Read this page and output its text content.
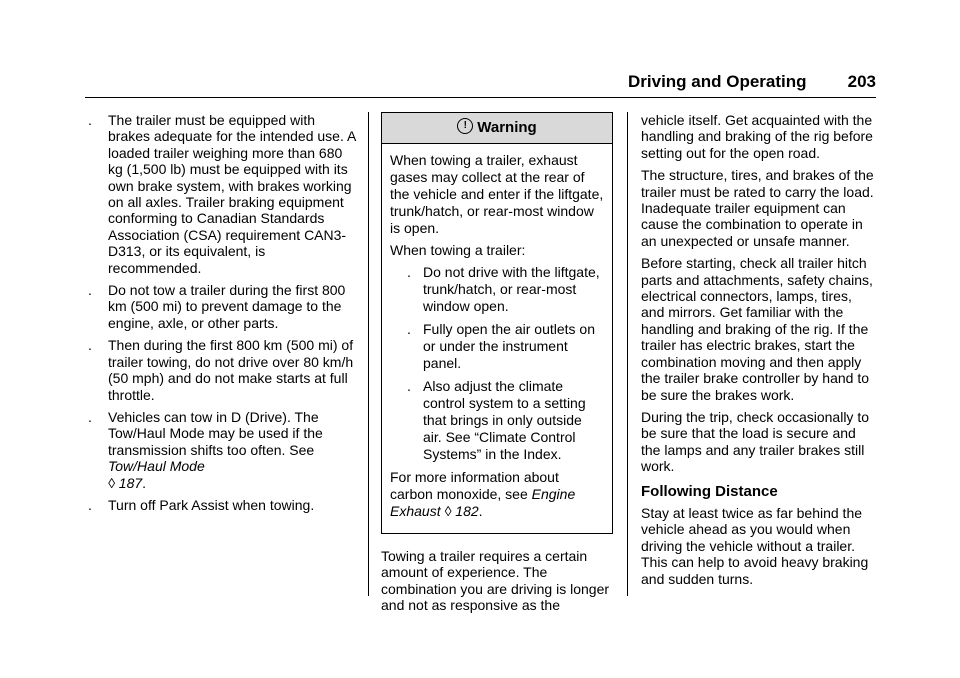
Driving and Operating 203
. The trailer must be equipped with brakes adequate for the intended use. A loaded trailer weighing more than 680 kg (1,500 lb) must be equipped with its own brake system, with brakes working on all axles. Trailer braking equipment conforming to Canadian Standards Association (CSA) requirement CAN3-D313, or its equivalent, is recommended.
. Do not tow a trailer during the first 800 km (500 mi) to prevent damage to the engine, axle, or other parts.
. Then during the first 800 km (500 mi) of trailer towing, do not drive over 80 km/h (50 mph) and do not make starts at full throttle.
. Vehicles can tow in D (Drive). The Tow/Haul Mode may be used if the transmission shifts too often. See Tow/Haul Mode
◊ 187.
. Turn off Park Assist when towing.
! Warning
When towing a trailer, exhaust gases may collect at the rear of the vehicle and enter if the liftgate, trunk/hatch, or rear-most window is open.
When towing a trailer:
. Do not drive with the liftgate, trunk/hatch, or rear-most window open.
. Fully open the air outlets on or under the instrument panel.
. Also adjust the climate control system to a setting that brings in only outside air. See “Climate Control Systems” in the Index.
For more information about carbon monoxide, see Engine Exhaust ◊ 182.
Towing a trailer requires a certain amount of experience. The combination you are driving is longer and not as responsive as the
vehicle itself. Get acquainted with the handling and braking of the rig before setting out for the open road.
The structure, tires, and brakes of the trailer must be rated to carry the load. Inadequate trailer equipment can cause the combination to operate in an unexpected or unsafe manner.
Before starting, check all trailer hitch parts and attachments, safety chains, electrical connectors, lamps, tires, and mirrors. Get familiar with the handling and braking of the rig. If the trailer has electric brakes, start the combination moving and then apply the trailer brake controller by hand to be sure the brakes work.
During the trip, check occasionally to be sure that the load is secure and the lamps and any trailer brakes still work.
Following Distance
Stay at least twice as far behind the vehicle ahead as you would when driving the vehicle without a trailer. This can help to avoid heavy braking and sudden turns.
